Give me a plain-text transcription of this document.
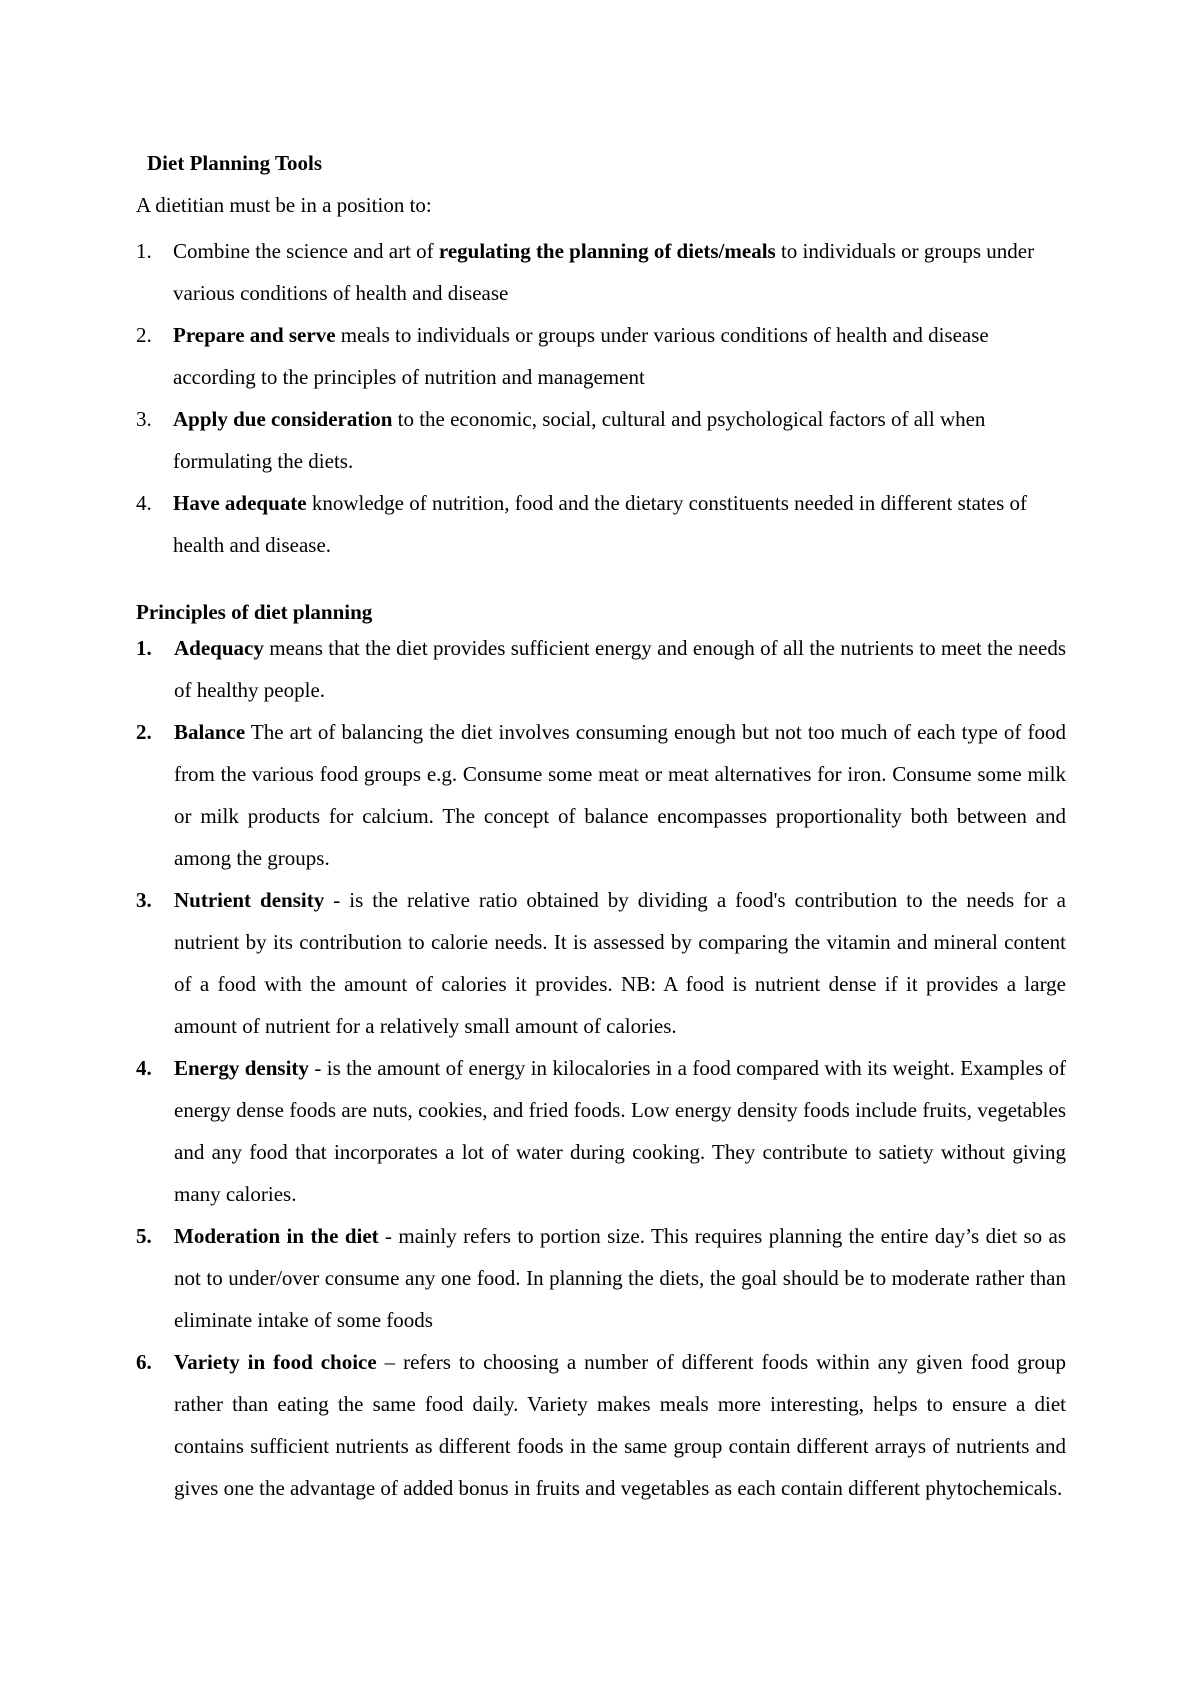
Diet Planning Tools
A dietitian must be in a position to:
1. Combine the science and art of regulating the planning of diets/meals to individuals or groups under various conditions of health and disease
2. Prepare and serve meals to individuals or groups under various conditions of health and disease according to the principles of nutrition and management
3. Apply due consideration to the economic, social, cultural and psychological factors of all when formulating the diets.
4. Have adequate knowledge of nutrition, food and the dietary constituents needed in different states of health and disease.
Principles of diet planning
1. Adequacy means that the diet provides sufficient energy and enough of all the nutrients to meet the needs of healthy people.
2. Balance The art of balancing the diet involves consuming enough but not too much of each type of food from the various food groups e.g. Consume some meat or meat alternatives for iron. Consume some milk or milk products for calcium. The concept of balance encompasses proportionality both between and among the groups.
3. Nutrient density - is the relative ratio obtained by dividing a food's contribution to the needs for a nutrient by its contribution to calorie needs. It is assessed by comparing the vitamin and mineral content of a food with the amount of calories it provides. NB: A food is nutrient dense if it provides a large amount of nutrient for a relatively small amount of calories.
4. Energy density - is the amount of energy in kilocalories in a food compared with its weight. Examples of energy dense foods are nuts, cookies, and fried foods. Low energy density foods include fruits, vegetables and any food that incorporates a lot of water during cooking. They contribute to satiety without giving many calories.
5. Moderation in the diet - mainly refers to portion size. This requires planning the entire day’s diet so as not to under/over consume any one food. In planning the diets, the goal should be to moderate rather than eliminate intake of some foods
6. Variety in food choice – refers to choosing a number of different foods within any given food group rather than eating the same food daily. Variety makes meals more interesting, helps to ensure a diet contains sufficient nutrients as different foods in the same group contain different arrays of nutrients and gives one the advantage of added bonus in fruits and vegetables as each contain different phytochemicals.
